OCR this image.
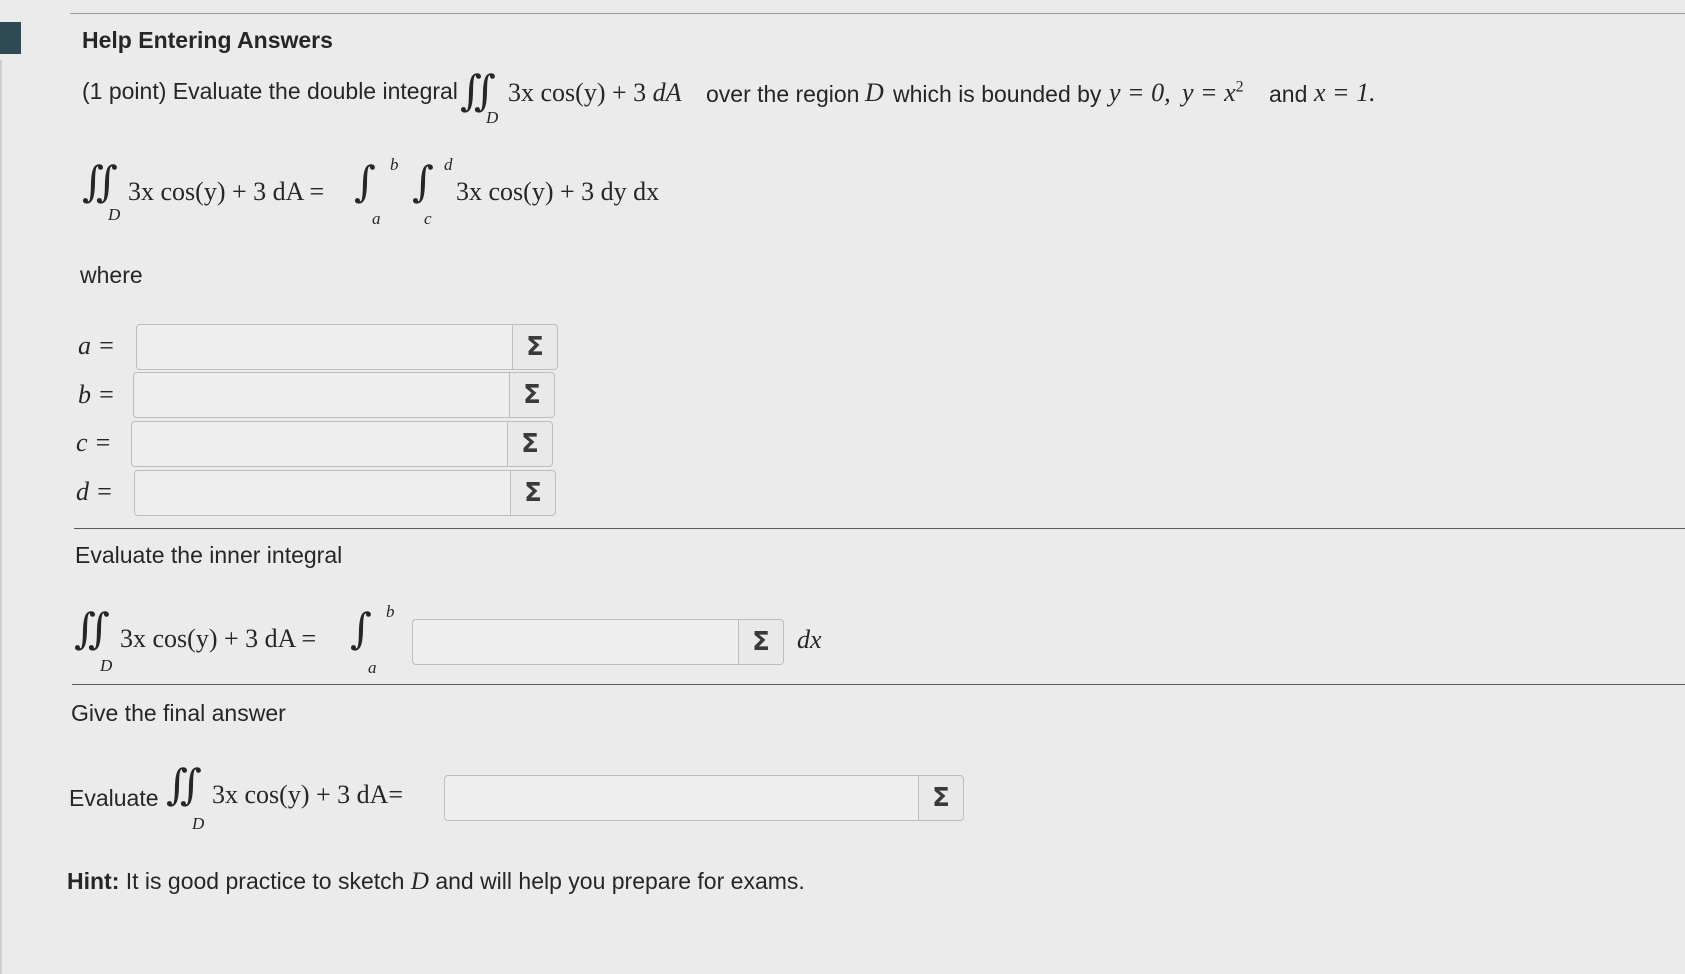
Help Entering Answers
(1 point) Evaluate the double integral ∬
D
3x cos(y) + 3 dA over the region D which is bounded by y = 0, $y = x^2$ and x = 1.
∬
D
3x cos(y) + 3 dA = ∫ b
a
∫ d
c
3x cos(y) + 3 dy dx
where
a =	Σ
b =	Σ
c =	Σ
d =	Σ
Evaluate the inner integral
∬
D
3x cos(y) + 3 dA = ∫ b
a
Σ	dx
Give the final answer
Evaluate ∬
D
3x cos(y) + 3 dA=	Σ
Hint: It is good practice to sketch D and will help you prepare for exams.
